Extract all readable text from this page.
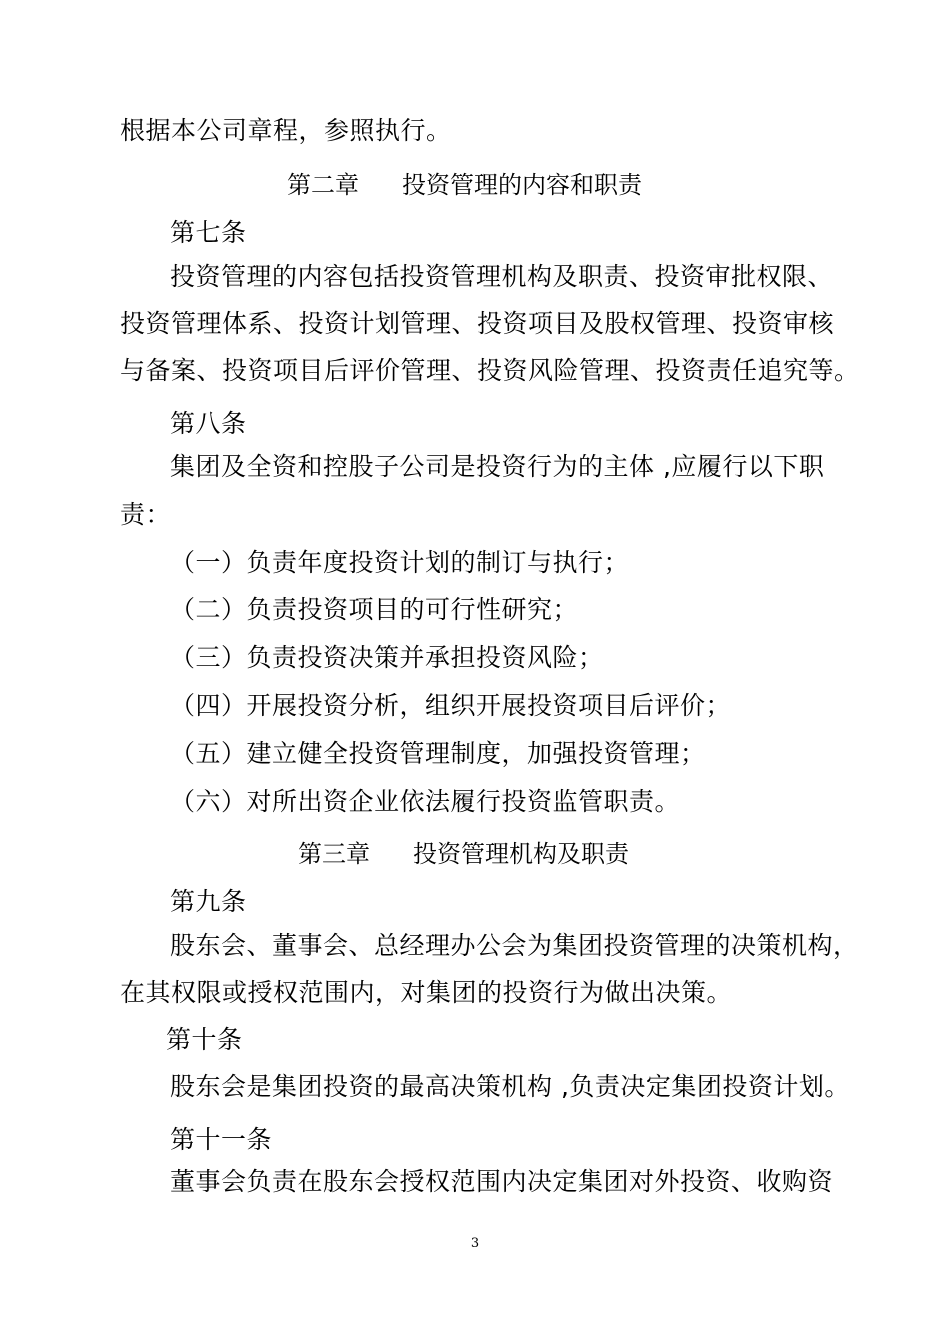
根据本公司章程，参照执行。
第二章 投资管理的内容和职责
第七条
投资管理的内容包括投资管理机构及职责、投资审批权限、
投资管理体系、投资计划管理、投资项目及股权管理、投资审核
与备案、投资项目后评价管理、投资风险管理、投资责任追究等。
第八条
集团及全资和控股子公司是投资行为的主体 ,应履行以下职
责：
（一）负责年度投资计划的制订与执行；
（二）负责投资项目的可行性研究；
（三）负责投资决策并承担投资风险；
（四）开展投资分析，组织开展投资项目后评价；
（五）建立健全投资管理制度，加强投资管理；
（六）对所出资企业依法履行投资监管职责。
第三章 投资管理机构及职责
第九条
股东会、董事会、总经理办公会为集团投资管理的决策机构，
在其权限或授权范围内，对集团的投资行为做出决策。
第十条
股东会是集团投资的最高决策机构 ,负责决定集团投资计划。
第十一条
董事会负责在股东会授权范围内决定集团对外投资、收购资
3
